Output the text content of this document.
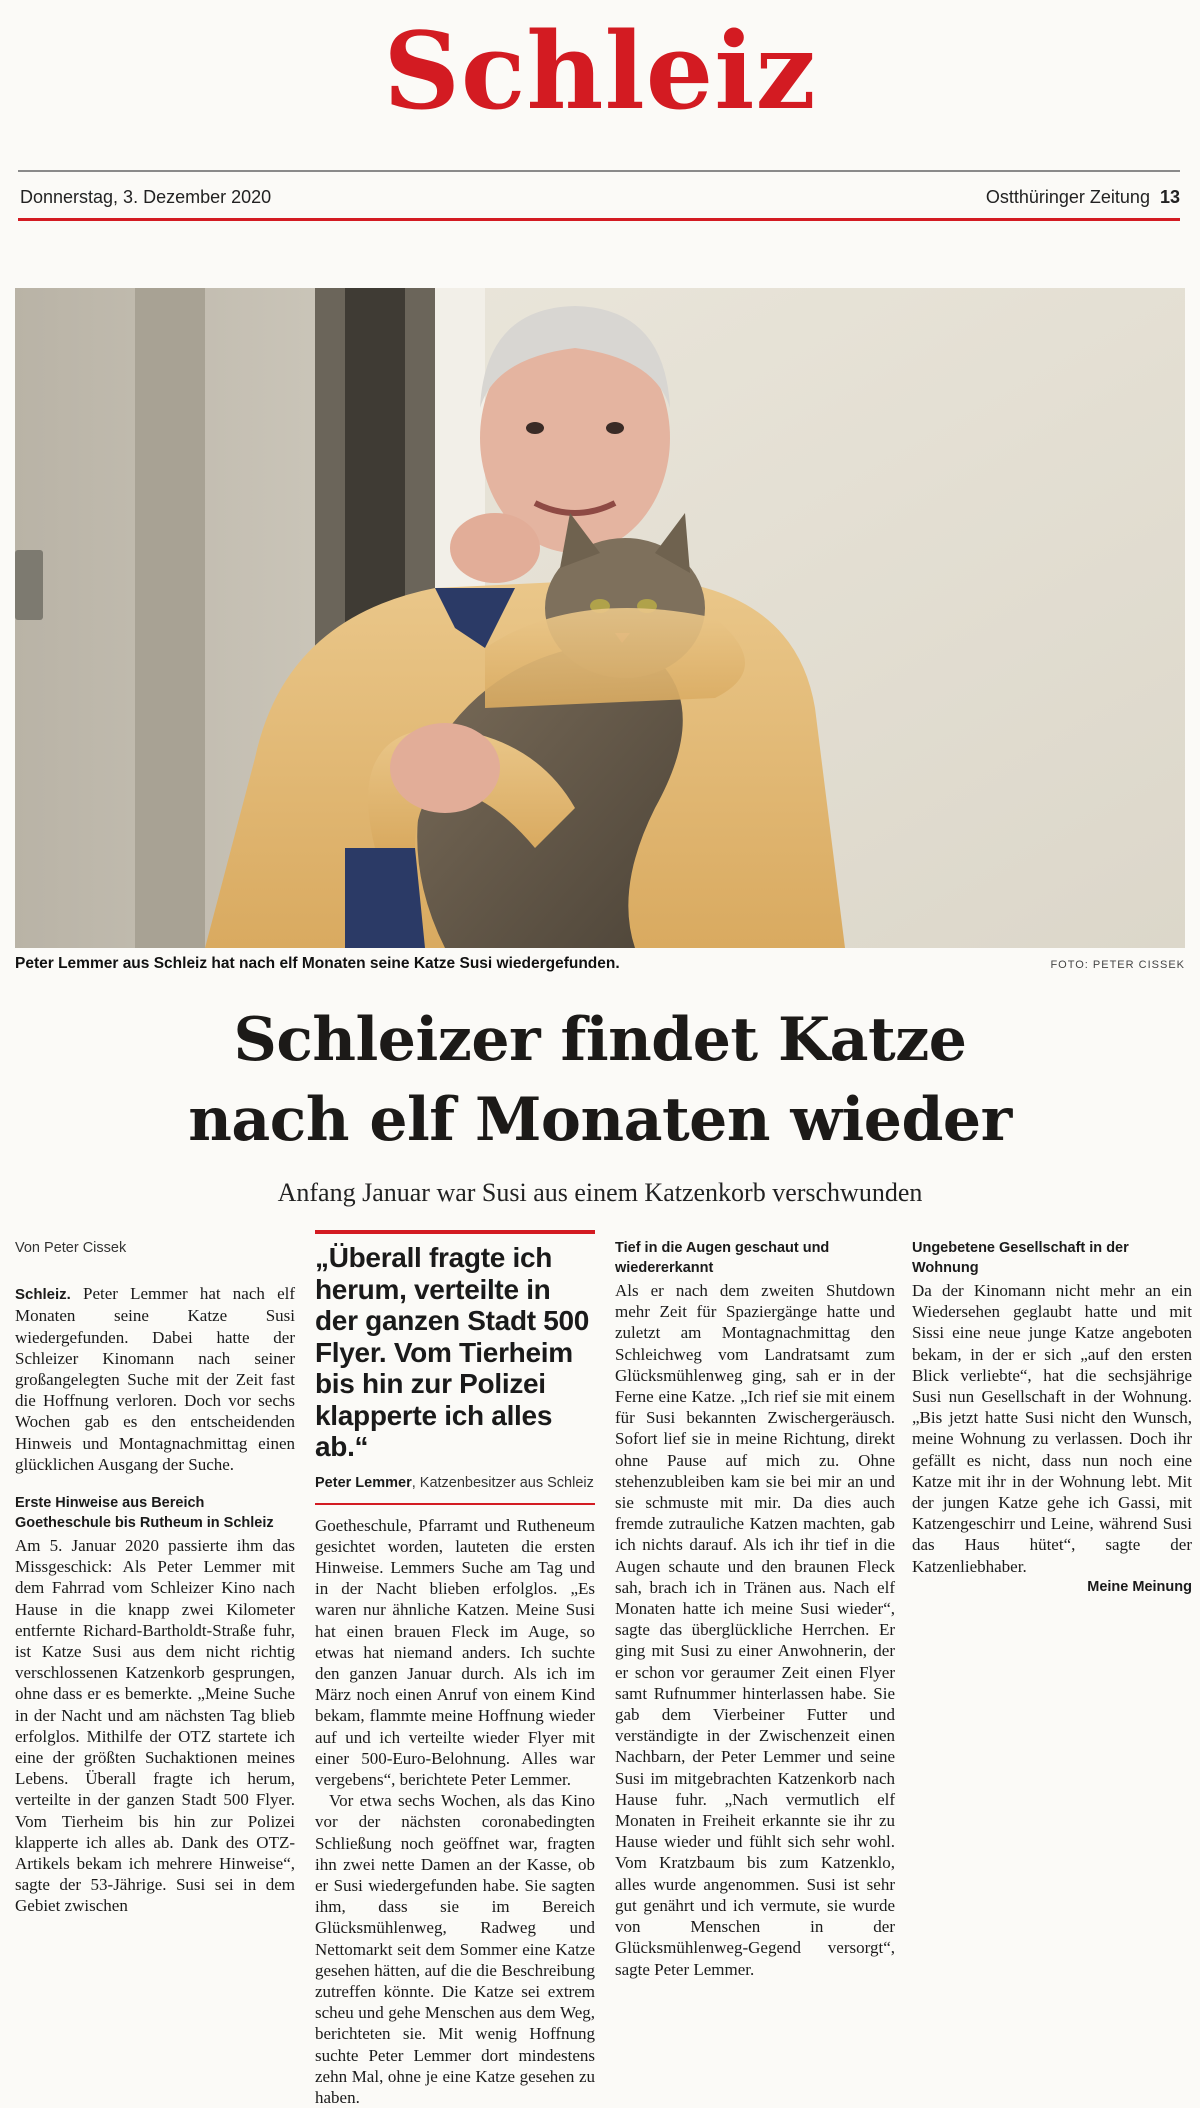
Schleiz
Donnerstag, 3. Dezember 2020	Ostthüringer Zeitung 13
Peter Lemmer aus Schleiz hat nach elf Monaten seine Katze Susi wiedergefunden.	FOTO: PETER CISSEK
Schleizer findet Katze
nach elf Monaten wieder
Anfang Januar war Susi aus einem Katzenkorb verschwunden
Von Peter Cissek

Schleiz. Peter Lemmer hat nach elf Monaten seine Katze Susi wiedergefunden. Dabei hatte der Schleizer Kinomann nach seiner großangelegten Suche mit der Zeit fast die Hoffnung verloren. Doch vor sechs Wochen gab es den entscheidenden Hinweis und Montagnachmittag einen glücklichen Ausgang der Suche.

Erste Hinweise aus Bereich Goetheschule bis Rutheum in Schleiz

Am 5. Januar 2020 passierte ihm das Missgeschick: Als Peter Lemmer mit dem Fahrrad vom Schleizer Kino nach Hause in die knapp zwei Kilometer entfernte Richard-Bartholdt-Straße fuhr, ist Katze Susi aus dem nicht richtig verschlossenen Katzenkorb gesprungen, ohne dass er es bemerkte. „Meine Suche in der Nacht und am nächsten Tag blieb erfolglos. Mithilfe der OTZ startete ich eine der größten Suchaktionen meines Lebens. Überall fragte ich herum, verteilte in der ganzen Stadt 500 Flyer. Vom Tierheim bis hin zur Polizei klapperte ich alles ab. Dank des OTZ-Artikels bekam ich mehrere Hinweise“, sagte der 53-Jährige. Susi sei in dem Gebiet zwischen

„Überall fragte ich herum, verteilte in der ganzen Stadt 500 Flyer. Vom Tierheim bis hin zur Polizei klapperte ich alles ab.“
Peter Lemmer, Katzenbesitzer aus Schleiz

Goetheschule, Pfarramt und Rutheneum gesichtet worden, lauteten die ersten Hinweise. Lemmers Suche am Tag und in der Nacht blieben erfolglos. „Es waren nur ähnliche Katzen. Meine Susi hat einen brauen Fleck im Auge, so etwas hat niemand anders. Ich suchte den ganzen Januar durch. Als ich im März noch einen Anruf von einem Kind bekam, flammte meine Hoffnung wieder auf und ich verteilte wieder Flyer mit einer 500-Euro-Belohnung. Alles war vergebens“, berichtete Peter Lemmer.

Vor etwa sechs Wochen, als das Kino vor der nächsten coronabedingten Schließung noch geöffnet war, fragten ihn zwei nette Damen an der Kasse, ob er Susi wiedergefunden habe. Sie sagten ihm, dass sie im Bereich Glücksmühlenweg, Radweg und Nettomarkt seit dem Sommer eine Katze gesehen hätten, auf die die Beschreibung zutreffen könnte. Die Katze sei extrem scheu und gehe Menschen aus dem Weg, berichteten sie. Mit wenig Hoffnung suchte Peter Lemmer dort mindestens zehn Mal, ohne je eine Katze gesehen zu haben.

Tief in die Augen geschaut und wiedererkannt

Als er nach dem zweiten Shutdown mehr Zeit für Spaziergänge hatte und zuletzt am Montagnachmittag den Schleichweg vom Landratsamt zum Glücksmühlenweg ging, sah er in der Ferne eine Katze. „Ich rief sie mit einem für Susi bekannten Zwischergeräusch. Sofort lief sie in meine Richtung, direkt ohne Pause auf mich zu. Ohne stehenzubleiben kam sie bei mir an und sie schmuste mit mir. Da dies auch fremde zutrauliche Katzen machten, gab ich nichts darauf. Als ich ihr tief in die Augen schaute und den braunen Fleck sah, brach ich in Tränen aus. Nach elf Monaten hatte ich meine Susi wieder“, sagte das überglückliche Herrchen. Er ging mit Susi zu einer Anwohnerin, der er schon vor geraumer Zeit einen Flyer samt Rufnummer hinterlassen habe. Sie gab dem Vierbeiner Futter und verständigte in der Zwischenzeit einen Nachbarn, der Peter Lemmer und seine Susi im mitgebrachten Katzenkorb nach Hause fuhr. „Nach vermutlich elf Monaten in Freiheit erkannte sie ihr zu Hause wieder und fühlt sich sehr wohl. Vom Kratzbaum bis zum Katzenklo, alles wurde angenommen. Susi ist sehr gut genährt und ich vermute, sie wurde von Menschen in der Glücksmühlenweg-Gegend versorgt“, sagte Peter Lemmer.

Ungebetene Gesellschaft in der Wohnung

Da der Kinomann nicht mehr an ein Wiedersehen geglaubt hatte und mit Sissi eine neue junge Katze angeboten bekam, in der er sich „auf den ersten Blick verliebte“, hat die sechsjährige Susi nun Gesellschaft in der Wohnung. „Bis jetzt hatte Susi nicht den Wunsch, meine Wohnung zu verlassen. Doch ihr gefällt es nicht, dass nun noch eine Katze mit ihr in der Wohnung lebt. Mit der jungen Katze gehe ich Gassi, mit Katzengeschirr und Leine, während Susi das Haus hütet“, sagte der Katzenliebhaber.

Meine Meinung
